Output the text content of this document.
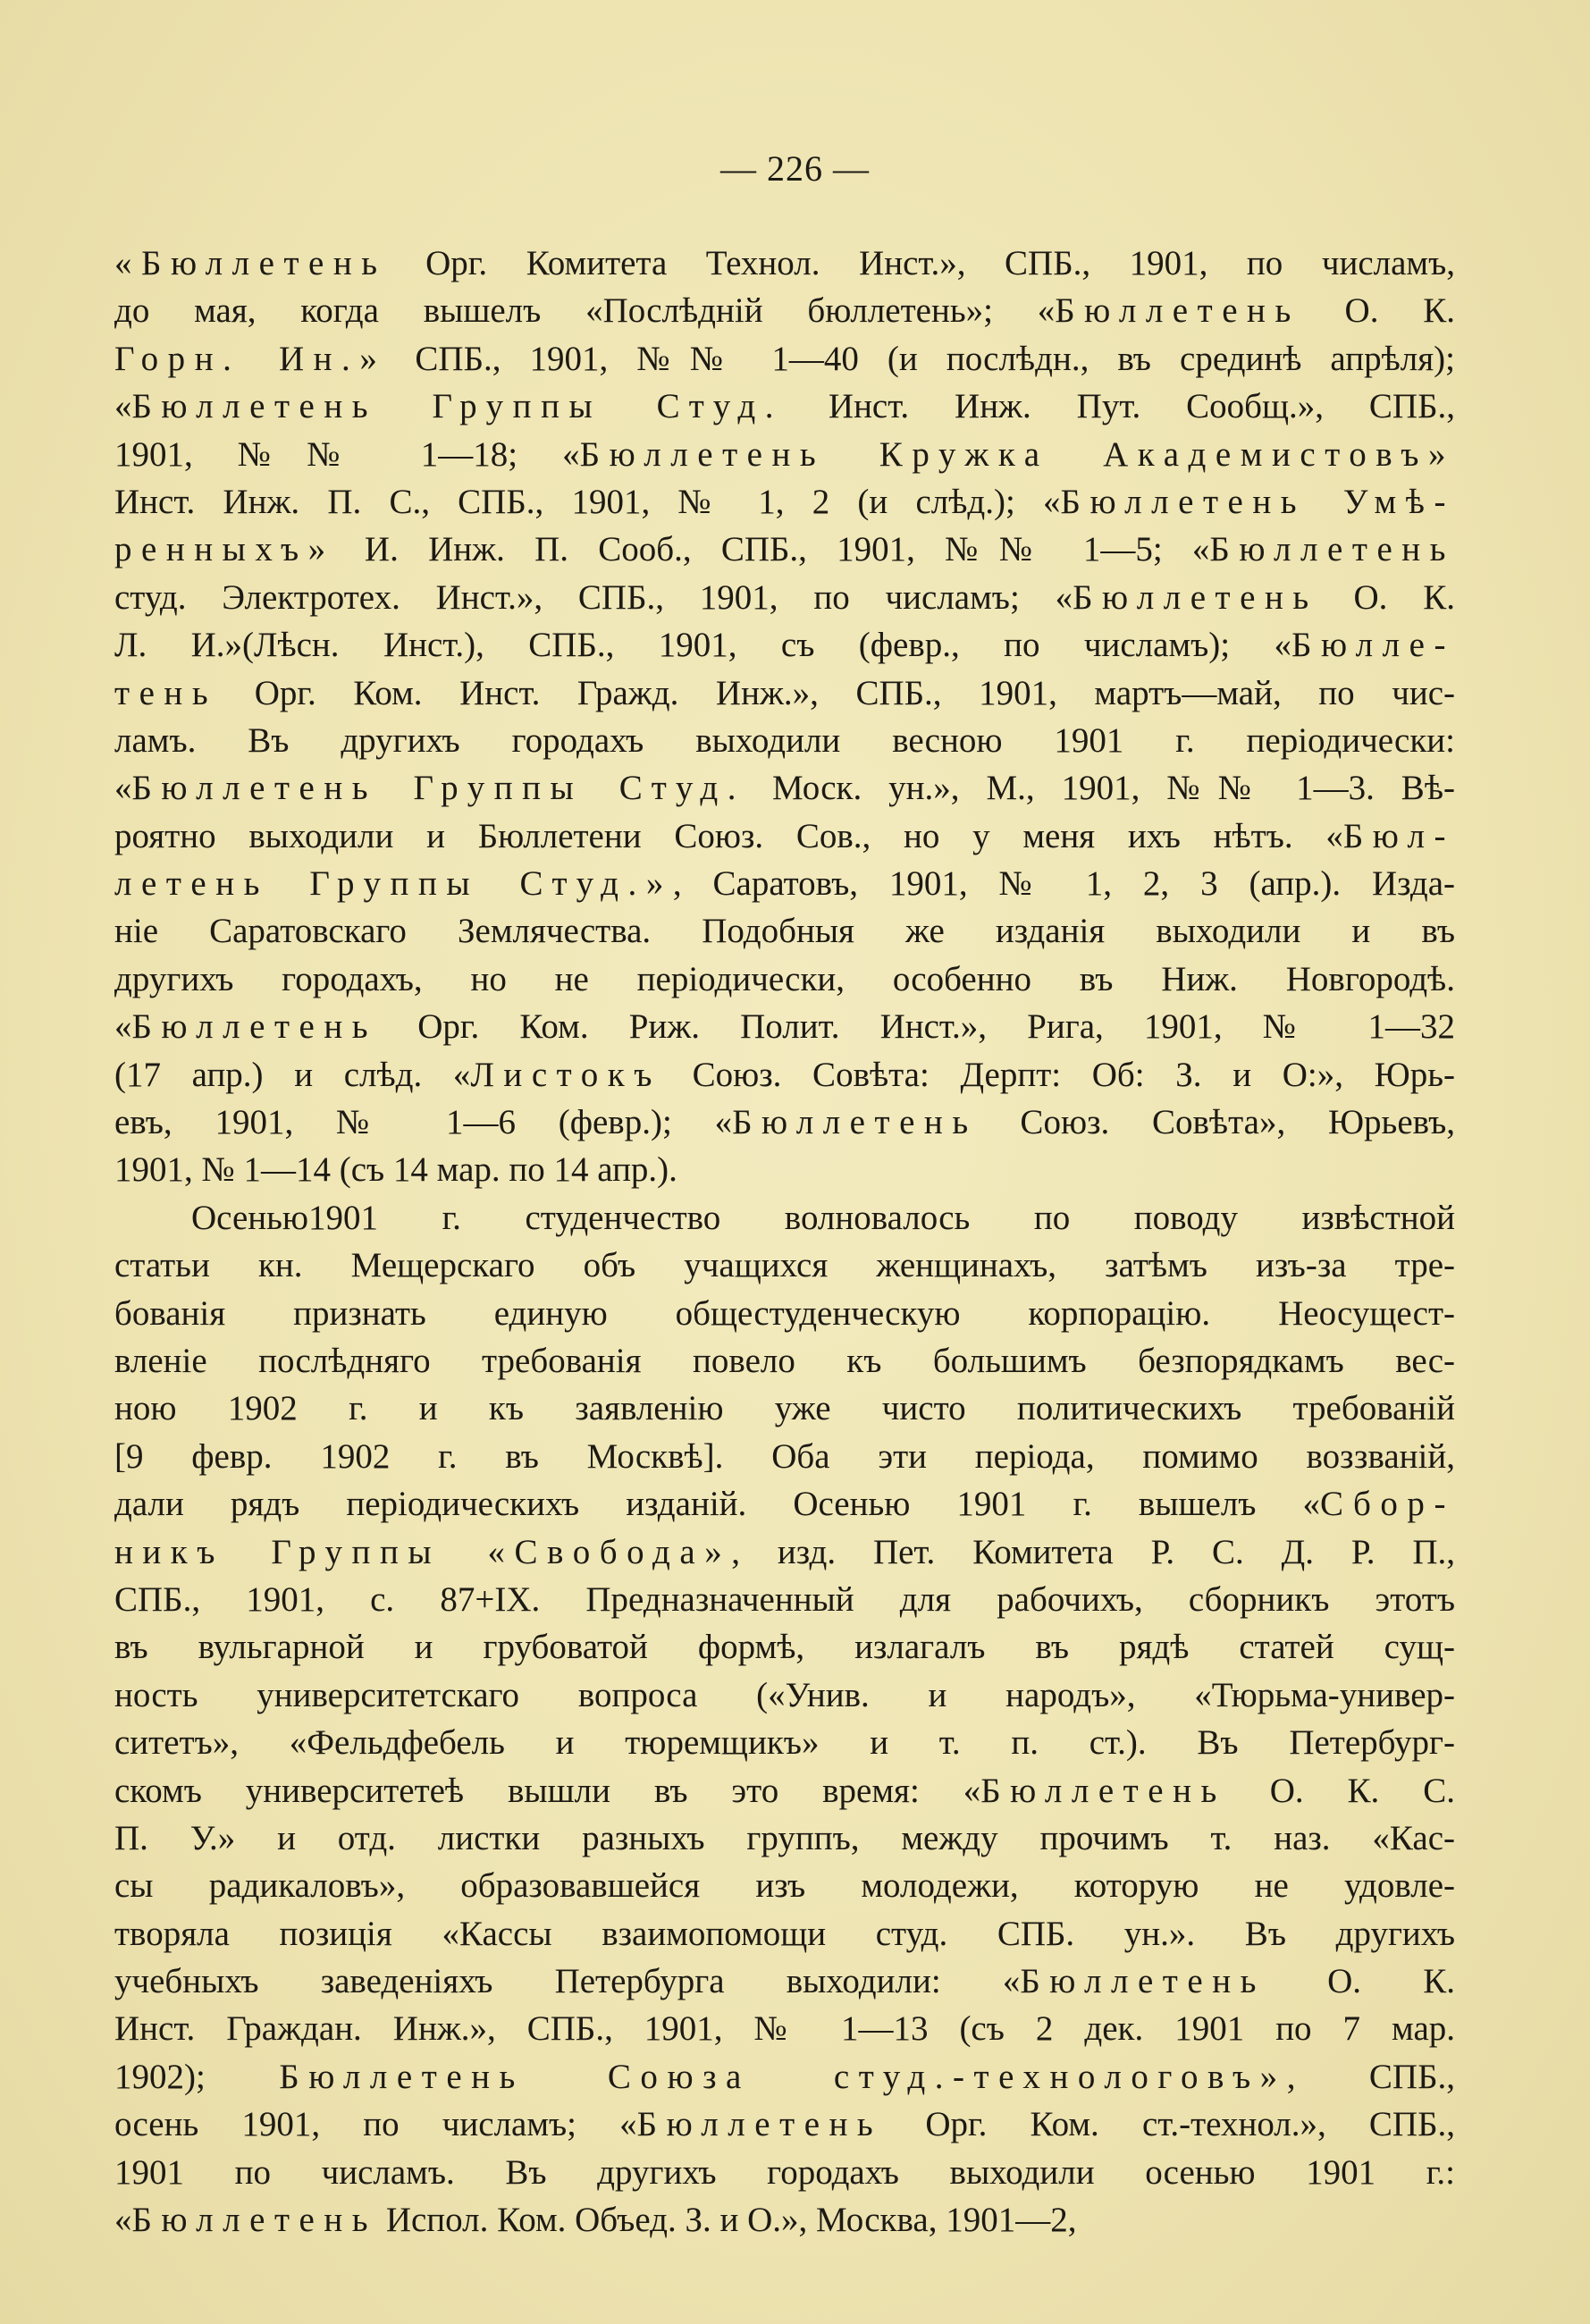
— 226 —
«Бюллетень Орг. Комитета Технол. Инст.», СПБ., 1901, по числамъ,
до мая, когда вышелъ «Послѣдній бюллетень»; «Бюллетень О. К.
Горн. Ин.» СПБ., 1901, №№ 1—40 (и послѣдн., въ срединѣ апрѣля);
«Бюллетень Группы Студ. Инст. Инж. Пут. Сообщ.», СПБ.,
1901, №№ 1—18; «Бюллетень Кружка Академистовъ»
Инст. Инж. П. С., СПБ., 1901, № 1, 2 (и слѣд.); «Бюллетень Умѣ-
ренныхъ» И. Инж. П. Сооб., СПБ., 1901, №№ 1—5; «Бюллетень
студ. Электротех. Инст.», СПБ., 1901, по числамъ; «Бюллетень О. К.
Л. И.»(Лѣсн. Инст.), СПБ., 1901, съ (февр., по числамъ); «Бюлле-
тень Орг. Ком. Инст. Гражд. Инж.», СПБ., 1901, мартъ—май, по чис-
ламъ. Въ другихъ городахъ выходили весною 1901 г. періодически:
«Бюллетень Группы Студ. Моск. ун.», М., 1901, №№ 1—3. Вѣ-
роятно выходили и Бюллетени Союз. Сов., но у меня ихъ нѣтъ. «Бюл-
летень Группы Студ.», Саратовъ, 1901, № 1, 2, 3 (апр.). Изда-
ніе Саратовскаго Землячества. Подобныя же изданія выходили и въ
другихъ городахъ, но не періодически, особенно въ Ниж. Новгородѣ.
«Бюллетень Орг. Ком. Риж. Полит. Инст.», Рига, 1901, № 1—32
(17 апр.) и слѣд. «Листокъ Союз. Совѣта: Дерпт: Об: З. и О:», Юрь-
евъ, 1901, № 1—6 (февр.); «Бюллетень Союз. Совѣта», Юрьевъ,
1901, № 1—14 (съ 14 мар. по 14 апр.).
Осенью1901 г. студенчество волновалось по поводу извѣстной
статьи кн. Мещерскаго объ учащихся женщинахъ, затѣмъ изъ-за тре-
бованія признать единую общестуденческую корпорацію. Неосущест-
вленіе послѣдняго требованія повело къ большимъ безпорядкамъ вес-
ною 1902 г. и къ заявленію уже чисто политическихъ требованій
[9 февр. 1902 г. въ Москвѣ]. Оба эти періода, помимо воззваній,
дали рядъ періодическихъ изданій. Осенью 1901 г. вышелъ «Сбор-
никъ Группы «Свобода», изд. Пет. Комитета Р. С. Д. Р. П.,
СПБ., 1901, с. 87+IX. Предназначенный для рабочихъ, сборникъ этотъ
въ вульгарной и грубоватой формѣ, излагалъ въ рядѣ статей сущ-
ность университетскаго вопроса («Унив. и народъ», «Тюрьма-универ-
ситетъ», «Фельдфебель и тюремщикъ» и т. п. ст.). Въ Петербург-
скомъ университетеѣ вышли въ это время: «Бюллетень О. К. С.
П. У.» и отд. листки разныхъ группъ, между прочимъ т. наз. «Кас-
сы радикаловъ», образовавшейся изъ молодежи, которую не удовле-
творяла позиція «Кассы взаимопомощи студ. СПБ. ун.». Въ другихъ
учебныхъ заведеніяхъ Петербурга выходили: «Бюллетень О. К.
Инст. Граждан. Инж.», СПБ., 1901, № 1—13 (съ 2 дек. 1901 по 7 мар.
1902); Бюллетень Союза студ.-технологовъ», СПБ.,
осень 1901, по числамъ; «Бюллетень Орг. Ком. ст.-технол.», СПБ.,
1901 по числамъ. Въ другихъ городахъ выходили осенью 1901 г.:
«Бюллетень Испол. Ком. Объед. З. и О.», Москва, 1901—2,
